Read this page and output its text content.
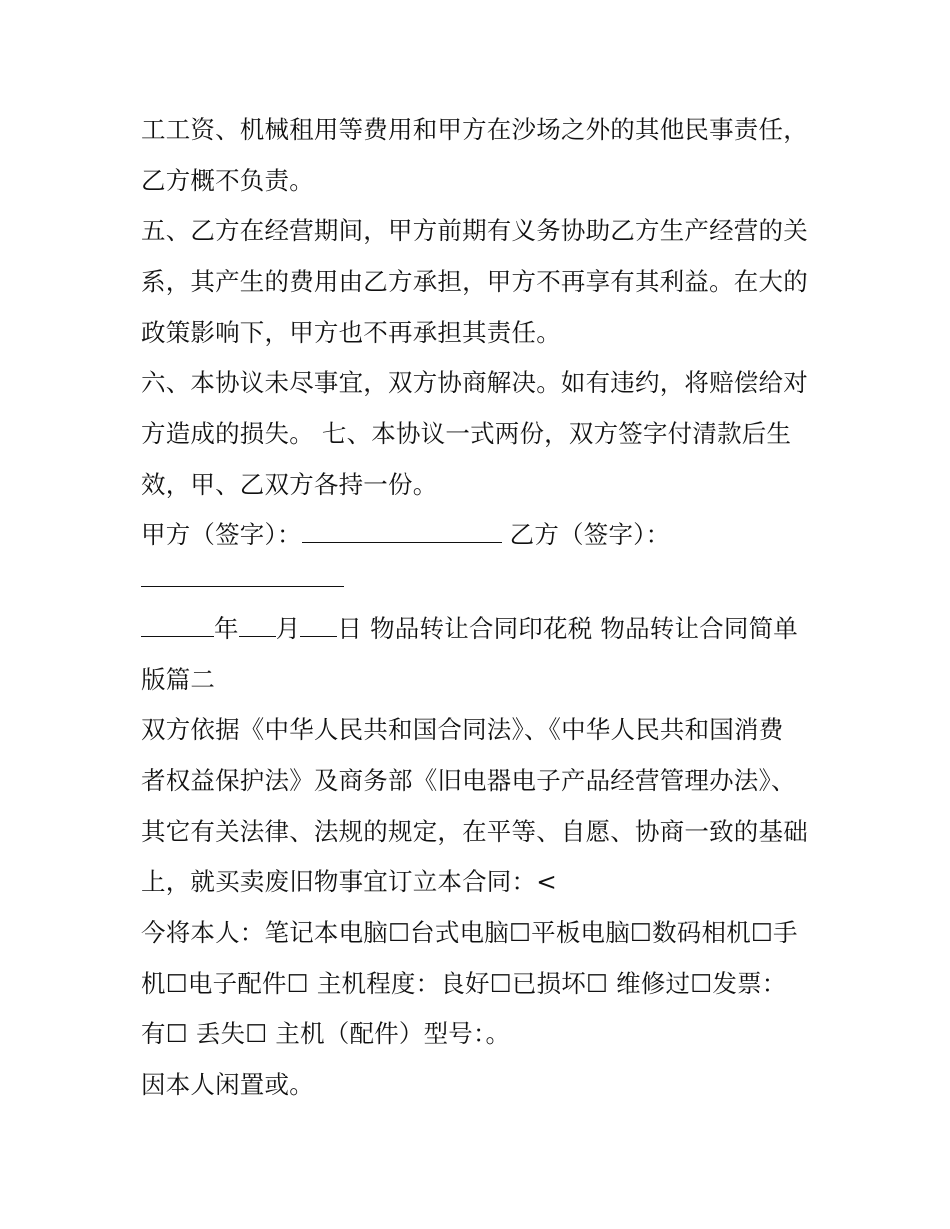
工工资、机械租用等费用和甲方在沙场之外的其他民事责任，
乙方概不负责。
五、乙方在经营期间，甲方前期有义务协助乙方生产经营的关
系，其产生的费用由乙方承担，甲方不再享有其利益。在大的
政策影响下，甲方也不再承担其责任。
六、本协议未尽事宜，双方协商解决。如有违约，将赔偿给对
方造成的损失。 七、本协议一式两份，双方签字付清款后生
效，甲、乙双方各持一份。
甲方（签字）：	乙方（签字）：
年 月 日 物品转让合同印花税 物品转让合同简单
版篇二
双方依据《中华人民共和国合同法》、《中华人民共和国消费
者权益保护法》及商务部《旧电器电子产品经营管理办法》、
其它有关法律、法规的规定，在平等、自愿、协商一致的基础
上，就买卖废旧物事宜订立本合同：<
今将本人：笔记本电脑☐台式电脑☐平板电脑☐数码相机☐手
机☐电子配件☐ 主机程度：良好☐已损坏☐ 维修过☐发票：
有☐ 丢失☐ 主机（配件）型号：。
因本人闲置或。
